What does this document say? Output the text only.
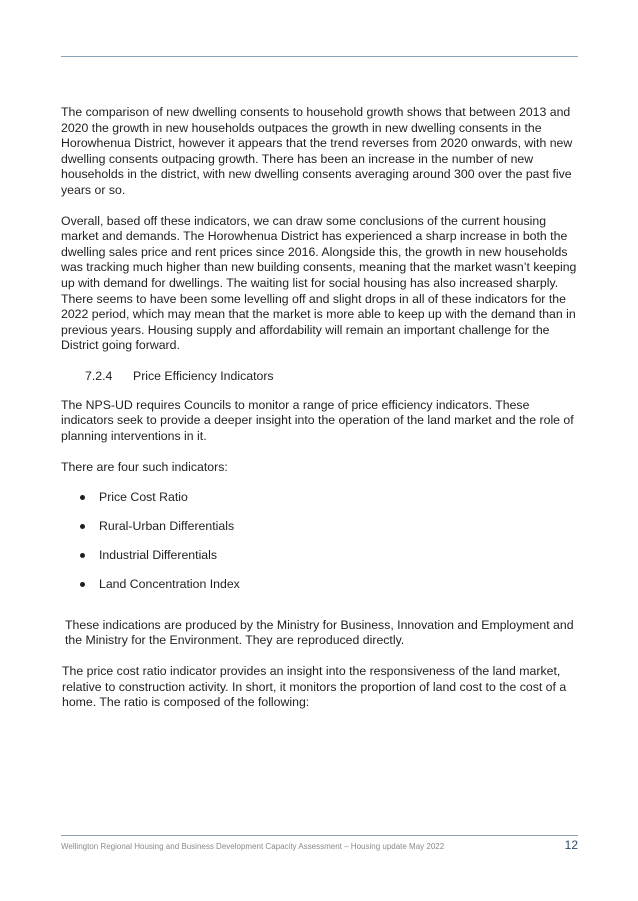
The comparison of new dwelling consents to household growth shows that between 2013 and 2020 the growth in new households outpaces the growth in new dwelling consents in the Horowhenua District, however it appears that the trend reverses from 2020 onwards, with new dwelling consents outpacing growth. There has been an increase in the number of new households in the district, with new dwelling consents averaging around 300 over the past five years or so.

Overall, based off these indicators, we can draw some conclusions of the current housing market and demands. The Horowhenua District has experienced a sharp increase in both the dwelling sales price and rent prices since 2016. Alongside this, the growth in new households was tracking much higher than new building consents, meaning that the market wasn’t keeping up with demand for dwellings. The waiting list for social housing has also increased sharply. There seems to have been some levelling off and slight drops in all of these indicators for the 2022 period, which may mean that the market is more able to keep up with the demand than in previous years. Housing supply and affordability will remain an important challenge for the District going forward.

7.2.4	Price Efficiency Indicators

The NPS-UD requires Councils to monitor a range of price efficiency indicators. These indicators seek to provide a deeper insight into the operation of the land market and the role of planning interventions in it.

There are four such indicators:

Price Cost Ratio
Rural-Urban Differentials
Industrial Differentials
Land Concentration Index

These indications are produced by the Ministry for Business, Innovation and Employment and the Ministry for the Environment. They are reproduced directly.

The price cost ratio indicator provides an insight into the responsiveness of the land market, relative to construction activity. In short, it monitors the proportion of land cost to the cost of a home. The ratio is composed of the following:

Wellington Regional Housing and Business Development Capacity Assessment – Housing update May 2022	12
